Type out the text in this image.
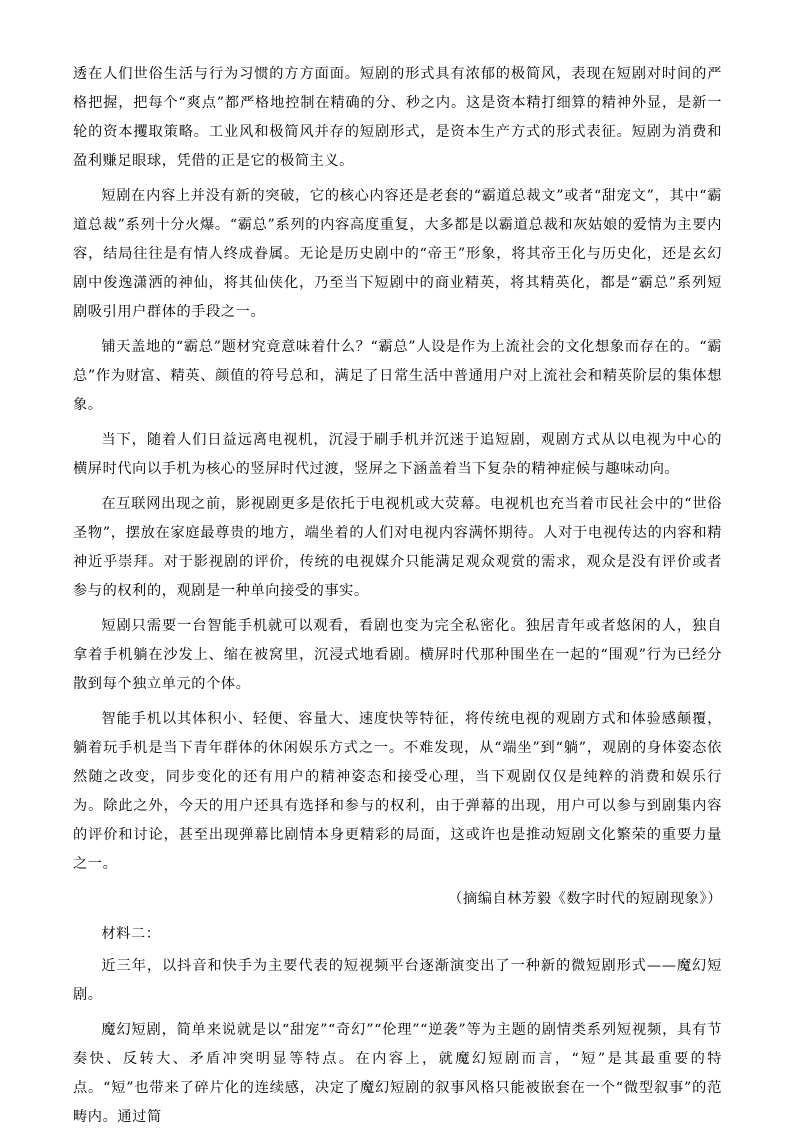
透在人们世俗生活与行为习惯的方方面面。短剧的形式具有浓郁的极简风，表现在短剧对时间的严格把握，把每个“爽点”都严格地控制在精确的分、秒之内。这是资本精打细算的精神外显，是新一轮的资本攫取策略。工业风和极简风并存的短剧形式，是资本生产方式的形式表征。短剧为消费和盈利赚足眼球，凭借的正是它的极简主义。

短剧在内容上并没有新的突破，它的核心内容还是老套的“霸道总裁文”或者“甜宠文”，其中“霸道总裁”系列十分火爆。“霸总”系列的内容高度重复，大多都是以霸道总裁和灰姑娘的爱情为主要内容，结局往往是有情人终成眷属。无论是历史剧中的“帝王”形象，将其帝王化与历史化，还是玄幻剧中俊逸潇洒的神仙，将其仙侠化，乃至当下短剧中的商业精英，将其精英化，都是“霸总”系列短剧吸引用户群体的手段之一。

铺天盖地的“霸总”题材究竟意味着什么？“霸总”人设是作为上流社会的文化想象而存在的。“霸总”作为财富、精英、颜值的符号总和，满足了日常生活中普通用户对上流社会和精英阶层的集体想象。

当下，随着人们日益远离电视机，沉浸于刷手机并沉迷于追短剧，观剧方式从以电视为中心的横屏时代向以手机为核心的竖屏时代过渡，竖屏之下涵盖着当下复杂的精神症候与趣味动向。

在互联网出现之前，影视剧更多是依托于电视机或大荧幕。电视机也充当着市民社会中的“世俗圣物”，摆放在家庭最尊贵的地方，端坐着的人们对电视内容满怀期待。人对于电视传达的内容和精神近乎崇拜。对于影视剧的评价，传统的电视媒介只能满足观众观赏的需求，观众是没有评价或者参与的权利的，观剧是一种单向接受的事实。

短剧只需要一台智能手机就可以观看，看剧也变为完全私密化。独居青年或者悠闲的人，独自拿着手机躺在沙发上、缩在被窝里，沉浸式地看剧。横屏时代那种围坐在一起的“围观”行为已经分散到每个独立单元的个体。

智能手机以其体积小、轻便、容量大、速度快等特征，将传统电视的观剧方式和体验感颠覆，躺着玩手机是当下青年群体的休闲娱乐方式之一。不难发现，从“端坐”到“躺”，观剧的身体姿态依然随之改变，同步变化的还有用户的精神姿态和接受心理，当下观剧仅仅是纯粹的消费和娱乐行为。除此之外，今天的用户还具有选择和参与的权利，由于弹幕的出现，用户可以参与到剧集内容的评价和讨论，甚至出现弹幕比剧情本身更精彩的局面，这或许也是推动短剧文化繁荣的重要力量之一。

（摘编自林芳毅《数字时代的短剧现象》）

材料二：

近三年，以抖音和快手为主要代表的短视频平台逐渐演变出了一种新的微短剧形式——魔幻短剧。

魔幻短剧，简单来说就是以“甜宠”“奇幻”“伦理”“逆袭”等为主题的剧情类系列短视频，具有节奏快、反转大、矛盾冲突明显等特点。在内容上，就魔幻短剧而言，“短”是其最重要的特点。“短”也带来了碎片化的连续感，决定了魔幻短剧的叙事风格只能被嵌套在一个“微型叙事”的范畴内。通过简
